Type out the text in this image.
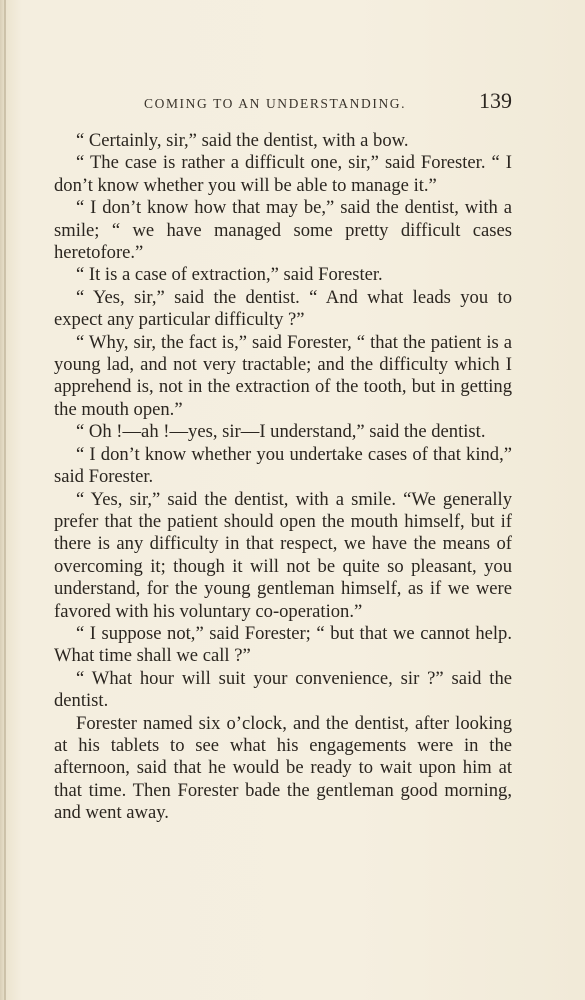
COMING TO AN UNDERSTANDING.	139

“ Certainly, sir,” said the dentist, with a bow.

“ The case is rather a difficult one, sir,” said Forester. “ I don’t know whether you will be able to manage it.”

“ I don’t know how that may be,” said the dentist, with a smile; “ we have managed some pretty difficult cases heretofore.”

“ It is a case of extraction,” said Forester.

“ Yes, sir,” said the dentist. “ And what leads you to expect any particular difficulty ?”

“ Why, sir, the fact is,” said Forester, “ that the patient is a young lad, and not very tractable; and the difficulty which I apprehend is, not in the extraction of the tooth, but in getting the mouth open.”

“ Oh !—ah !—yes, sir—I understand,” said the dentist.

“ I don’t know whether you undertake cases of that kind,” said Forester.

“ Yes, sir,” said the dentist, with a smile. “We generally prefer that the patient should open the mouth himself, but if there is any difficulty in that respect, we have the means of overcoming it; though it will not be quite so pleasant, you understand, for the young gentleman himself, as if we were favored with his voluntary co-operation.”

“ I suppose not,” said Forester; “ but that we cannot help. What time shall we call ?”

“ What hour will suit your convenience, sir ?” said the dentist.

Forester named six o’clock, and the dentist, after looking at his tablets to see what his engagements were in the afternoon, said that he would be ready to wait upon him at that time. Then Forester bade the gentleman good morning, and went away.
